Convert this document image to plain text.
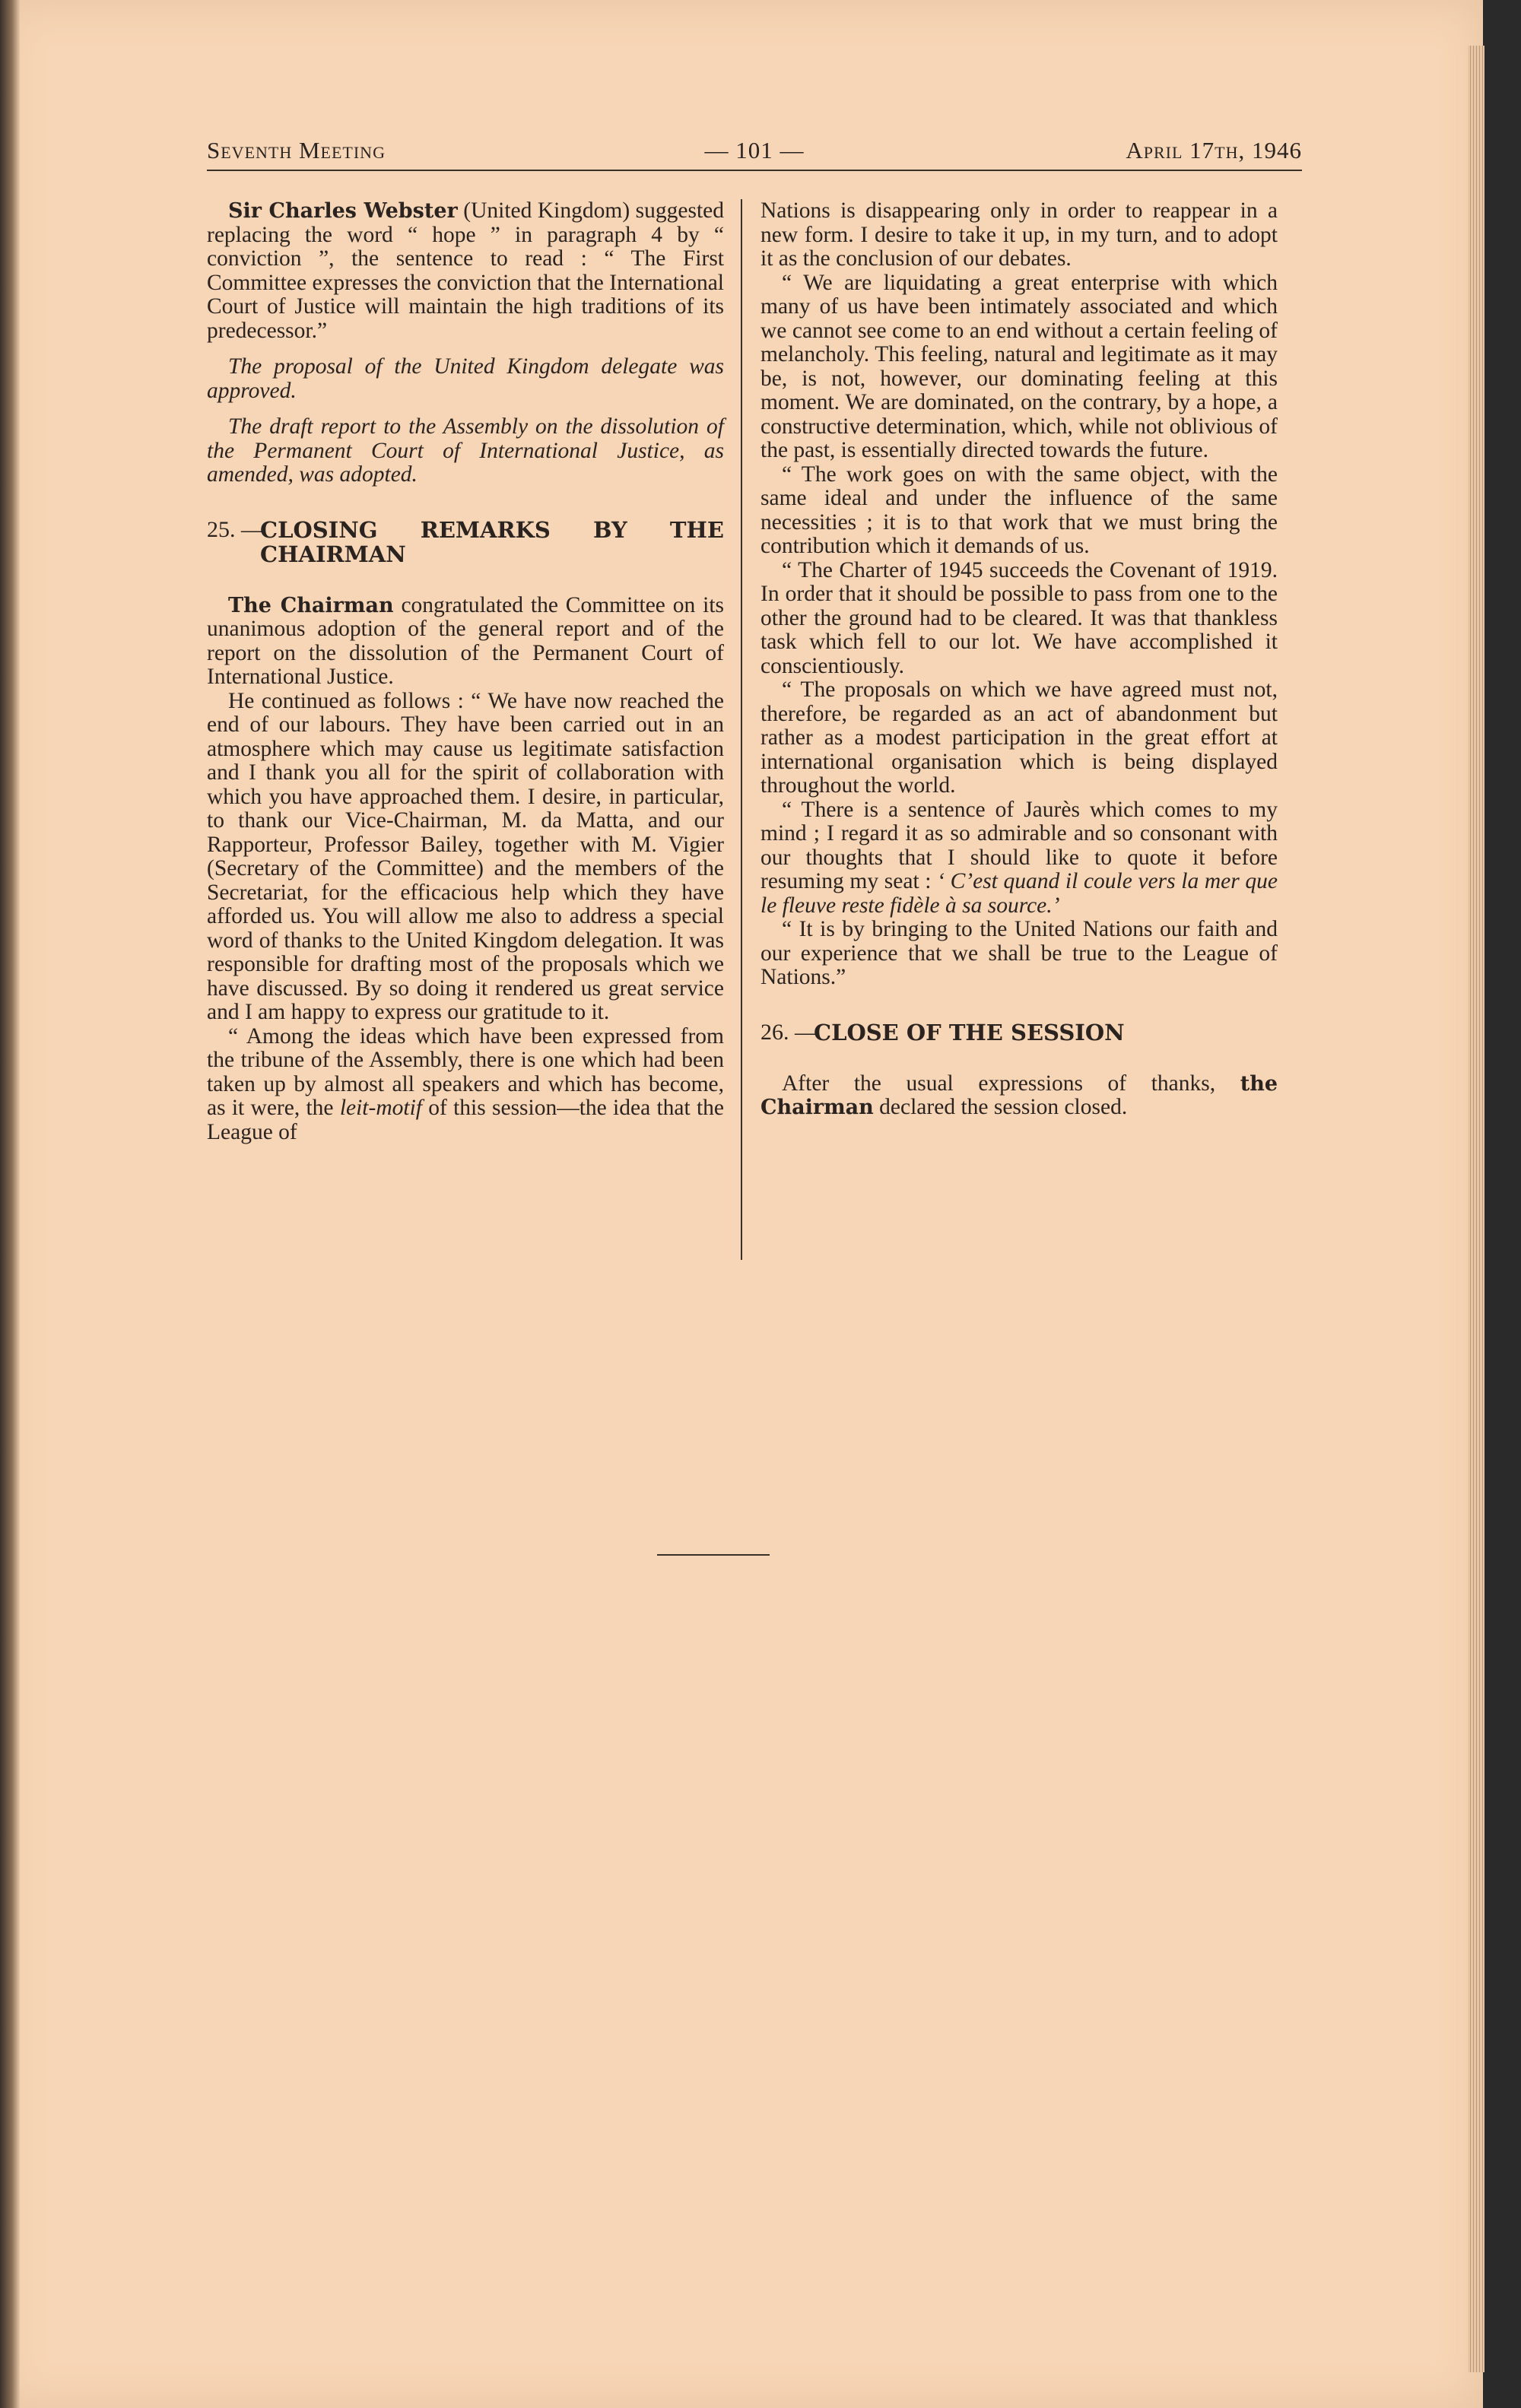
Seventh Meeting	— 101 —	April 17th, 1946

Sir Charles Webster (United Kingdom) suggested replacing the word “ hope ” in paragraph 4 by “ conviction ”, the sentence to read : “ The First Committee expresses the conviction that the International Court of Justice will maintain the high traditions of its predecessor.”

The proposal of the United Kingdom delegate was approved.

The draft report to the Assembly on the dissolution of the Permanent Court of International Justice, as amended, was adopted.

25. —
CLOSING REMARKS BY THE
CHAIRMAN

The Chairman congratulated the Committee on its unanimous adoption of the general report and of the report on the dissolution of the Permanent Court of International Justice.

He continued as follows : “ We have now reached the end of our labours. They have been carried out in an atmosphere which may cause us legitimate satisfaction and I thank you all for the spirit of collaboration with which you have approached them. I desire, in particular, to thank our Vice-Chairman, M. da Matta, and our Rapporteur, Professor Bailey, together with M. Vigier (Secretary of the Committee) and the members of the Secretariat, for the efficacious help which they have afforded us. You will allow me also to address a special word of thanks to the United Kingdom delegation. It was responsible for drafting most of the proposals which we have discussed. By so doing it rendered us great service and I am happy to express our gratitude to it.

“ Among the ideas which have been expressed from the tribune of the Assembly, there is one which had been taken up by almost all speakers and which has become, as it were, the leit-motif of this session—the idea that the League of

Nations is disappearing only in order to reappear in a new form. I desire to take it up, in my turn, and to adopt it as the conclusion of our debates.

“ We are liquidating a great enterprise with which many of us have been intimately associated and which we cannot see come to an end without a certain feeling of melancholy. This feeling, natural and legitimate as it may be, is not, however, our dominating feeling at this moment. We are dominated, on the contrary, by a hope, a constructive determination, which, while not oblivious of the past, is essentially directed towards the future.

“ The work goes on with the same object, with the same ideal and under the influence of the same necessities ; it is to that work that we must bring the contribution which it demands of us.

“ The Charter of 1945 succeeds the Covenant of 1919. In order that it should be possible to pass from one to the other the ground had to be cleared. It was that thankless task which fell to our lot. We have accomplished it conscientiously.

“ The proposals on which we have agreed must not, therefore, be regarded as an act of abandonment but rather as a modest participation in the great effort at international organisation which is being displayed throughout the world.

“ There is a sentence of Jaurès which comes to my mind ; I regard it as so admirable and so consonant with our thoughts that I should like to quote it before resuming my seat : ‘ C’est quand il coule vers la mer que le fleuve reste fidèle à sa source.’

“ It is by bringing to the United Nations our faith and our experience that we shall be true to the League of Nations.”

26. —
CLOSE OF THE SESSION

After the usual expressions of thanks, the Chairman declared the session closed.
